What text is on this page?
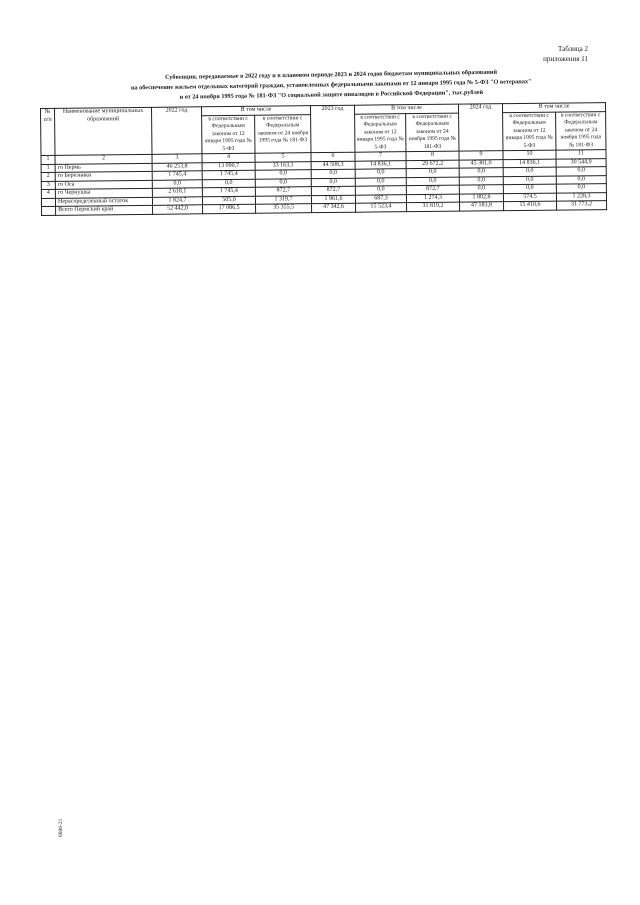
Таблица 2
приложения 11
Субвенции, передаваемые в 2022 году и в плановом периоде 2023 и 2024 годов бюджетам муниципальных образований
на обеспечение жильем отдельных категорий граждан, установленных федеральными законами от 12 января 1995 года № 5-ФЗ "О ветеранах"
и от 24 ноября 1995 года № 181-ФЗ "О социальной защите инвалидов в Российской Федерации", тыс.рублей
№ п/п	Наименование муниципальных образований	2022 год	В том числе		2023 год	В том числе		2024 год	В том числе	
			в соответствии с Федеральным законом от 12 января 1995 года № 5-ФЗ	в соответствии с Федеральным законом от 24 ноября 1995 года № 181-ФЗ		в соответствии с Федеральным законом от 12 января 1995 года № 5-ФЗ	в соответствии с Федеральным законом от 24 ноября 1995 года № 181-ФЗ		в соответствии с Федеральным законом от 12 января 1995 года № 5-ФЗ	в соответствии с Федеральным законом от 24 ноября 1995 года № 181-ФЗ
1	2	3	4	5	6	7	8	9	10	11
1	го Пермь	46 253,8	13 090,7	33 163,1	44 508,3	14 836,1	29 672,2	45 381,0	14 836,1	30 544,9
2	го Березники	1 745,4	1 745,4	0,0	0,0	0,0	0,0	0,0	0,0	0,0
3	го Оса	0,0	0,0	0,0	0,0	0,0	0,0	0,0	0,0	0,0
4	го Чернушка	2 618,1	1 745,4	872,7	872,7	0,0	872,7	0,0	0,0	0,0
	Нераспределенный остаток	1 824,7	505,0	1 319,7	1 961,6	687,3	1 274,3	1 802,8	574,5	1 228,3
	Всего Пермский край	52 442,0	17 086,5	35 355,5	47 342,6	15 523,4	31 819,2	47 183,8	15 410,6	31 773,2
6086-21
